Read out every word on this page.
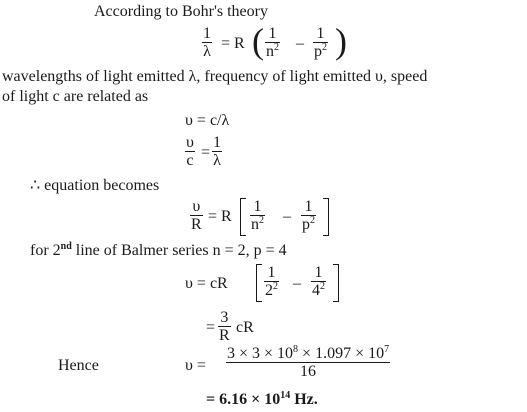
According to Bohr's theory
$\frac{1}{\lambda} = R$ ( $\frac{1}{n^2} - \frac{1}{p^2}$ )
wavelengths of light emitted λ, frequency of light emitted υ, speed
of light c are related as
υ = c/λ
$\frac{\upsilon}{c} = \frac{1}{\lambda}$
∴ equation becomes
$\frac{\upsilon}{R} = R \frac{1}{n^2} - \frac{1}{p^2}$
for 2nd line of Balmer series n = 2, p = 4
υ = cR $\frac{1}{2^2} - \frac{1}{4^2}$
= $\frac{3}{R}$ cR
Hence	$\upsilon = \frac{3 \times 3 \times 10^8 \times 1.097 \times 10^7}{16}$
= $6.16 \times 10^{14}$ Hz.
